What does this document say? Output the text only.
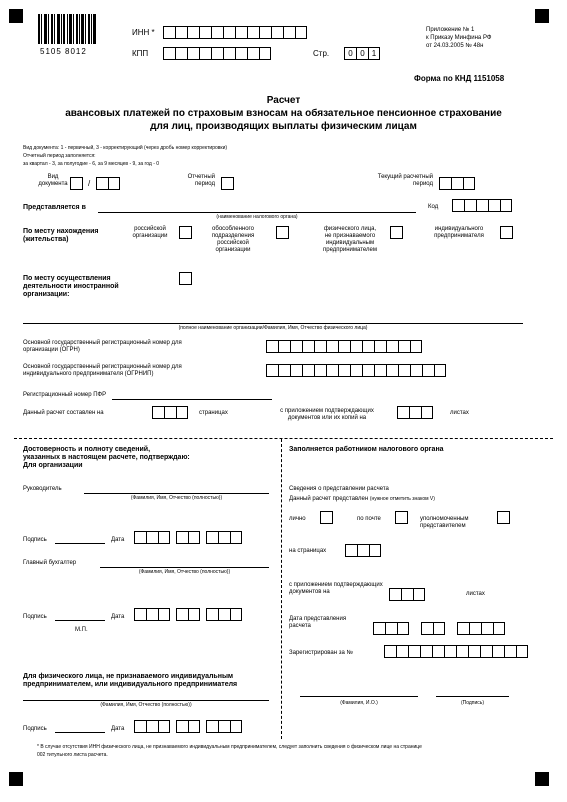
5105 8012
ИНН *
КПП	Стр.	0 0 1
Приложение № 1
к Приказу Минфина РФ
от 24.03.2005 № 48н
Форма по КНД 1151058
Расчет
авансовых платежей по страховым взносам на обязательное пенсионное страхование
для лиц, производящих выплаты физическим лицам
Вид документа: 1 - первичный, 3 - корректирующий (через дробь номер корректировки)
Отчетный период заполняется:
за квартал - 3, за полугодие - 6, за 9 месяцев - 9, за год - 0
Вид
документа	/
Отчетный
период
Текущий расчетный
период
Представляется в
(наименование налогового органа)
Код
По месту нахождения
(жительства)
российской
организации
обособленного
подразделения
российской
организации
физического лица,
не признаваемого
индивидуальным
предпринимателем
индивидуального
предпринимателя
По месту осуществления
деятельности иностранной
организации:
(полное наименование организации/Фамилия, Имя, Отчество физического лица)
Основной государственный регистрационный номер для
организации (ОГРН)
Основной государственный регистрационный номер для
индивидуального предпринимателя (ОГРНИП)
Регистрационный номер ПФР
Данный расчет составлен на	страницах	с приложением подтверждающих
документов или их копий на
листах
Достоверность и полноту сведений,
указанных в настоящем расчете, подтверждаю:
Для организации
Руководитель
(Фамилия, Имя, Отчество (полностью))
Подпись	Дата
Главный бухгалтер
(Фамилия, Имя, Отчество (полностью))
Подпись	Дата
М.П.
Для физического лица, не признаваемого индивидуальным
предпринимателем, или индивидуального предпринимателя
(Фамилия, Имя, Отчество (полностью))
Подпись	Дата
Заполняется работником налогового органа
Сведения о представлении расчета
Данный расчет представлен (нужное отметить знаком V)
лично	по почте	уполномоченным
представителем
на страницах
с приложением подтверждающих
документов на	листах
Дата представления
расчета
Зарегистрирован за №
(Фамилия, И.О.)	(Подпись)
* В случае отсутствия ИНН физического лица, не признаваемого индивидуальным предпринимателем, следует заполнить сведения о физическом лице на странице
002 титульного листа расчета.
